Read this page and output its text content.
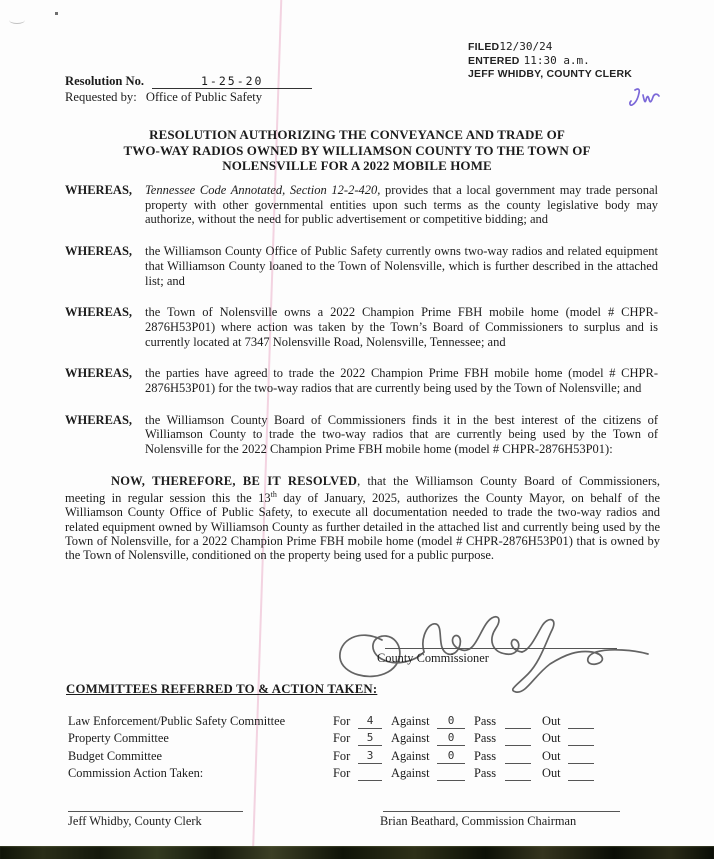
FILED12/30/24
ENTERED 11:30 a.m.
JEFF WHIDBY, COUNTY CLERK
Resolution No.	1-25-20
Requested by: Office of Public Safety
RESOLUTION AUTHORIZING THE CONVEYANCE AND TRADE OF
TWO-WAY RADIOS OWNED BY WILLIAMSON COUNTY TO THE TOWN OF
NOLENSVILLE FOR A 2022 MOBILE HOME
WHEREAS,	Tennessee Code Annotated, Section 12-2-420, provides that a local government may trade personal property with other governmental entities upon such terms as the county legislative body may authorize, without the need for public advertisement or competitive bidding; and
WHEREAS,	the Williamson County Office of Public Safety currently owns two-way radios and related equipment that Williamson County loaned to the Town of Nolensville, which is further described in the attached list; and
WHEREAS,	the Town of Nolensville owns a 2022 Champion Prime FBH mobile home (model # CHPR-2876H53P01) where action was taken by the Town’s Board of Commissioners to surplus and is currently located at 7347 Nolensville Road, Nolensville, Tennessee; and
WHEREAS,	the parties have agreed to trade the 2022 Champion Prime FBH mobile home (model # CHPR-2876H53P01) for the two-way radios that are currently being used by the Town of Nolensville; and
WHEREAS,	the Williamson County Board of Commissioners finds it in the best interest of the citizens of Williamson County to trade the two-way radios that are currently being used by the Town of Nolensville for the 2022 Champion Prime FBH mobile home (model # CHPR-2876H53P01):
NOW, THEREFORE, BE IT RESOLVED, that the Williamson County Board of Commissioners, meeting in regular session this the 13th day of January, 2025, authorizes the County Mayor, on behalf of the Williamson County Office of Public Safety, to execute all documentation needed to trade the two-way radios and related equipment owned by Williamson County as further detailed in the attached list and currently being used by the Town of Nolensville, for a 2022 Champion Prime FBH mobile home (model # CHPR-2876H53P01) that is owned by the Town of Nolensville, conditioned on the property being used for a public purpose.
County Commissioner
COMMITTEES REFERRED TO & ACTION TAKEN:
Law Enforcement/Public Safety Committee	For	4	Against	0	Pass	Out
Property Committee	For	5	Against	0	Pass	Out
Budget Committee	For	3	Against	0	Pass	Out
Commission Action Taken:	For	Against	Pass	Out
Jeff Whidby, County Clerk	Brian Beathard, Commission Chairman
